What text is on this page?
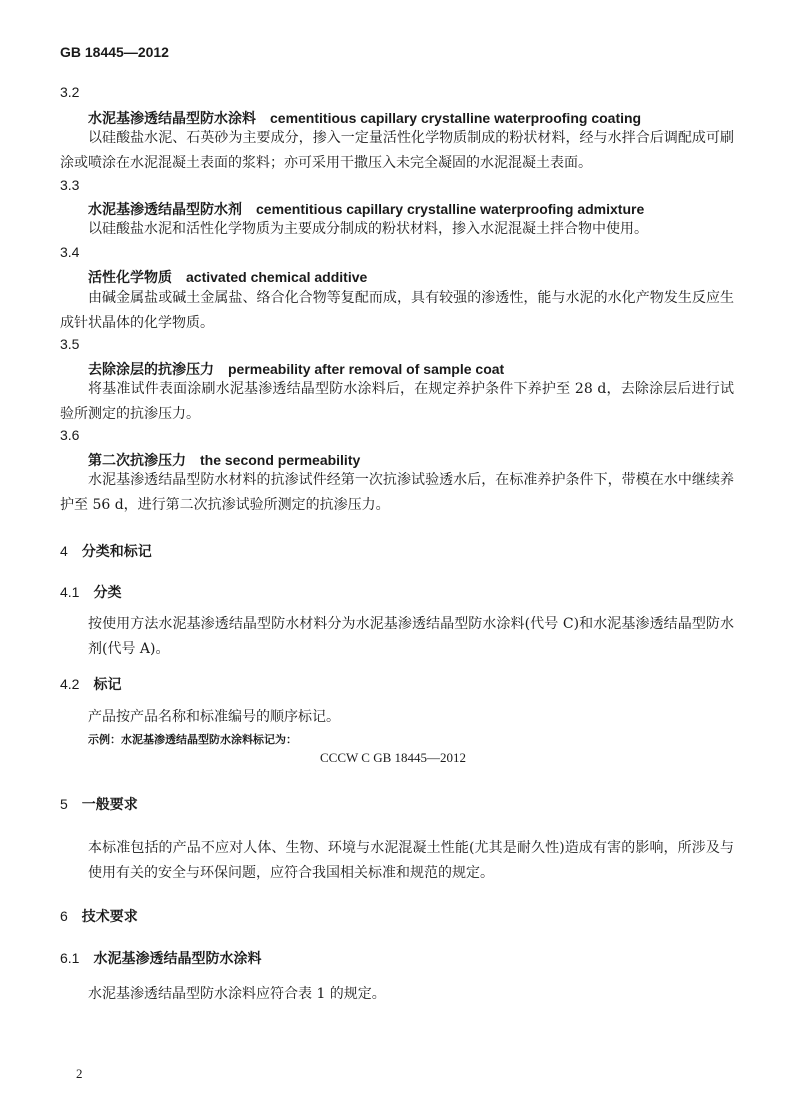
GB 18445—2012
3.2
水泥基渗透结晶型防水涂料 cementitious capillary crystalline waterproofing coating
以硅酸盐水泥、石英砂为主要成分，掺入一定量活性化学物质制成的粉状材料，经与水拌合后调配成可刷涂或喷涂在水泥混凝土表面的浆料；亦可采用干撒压入未完全凝固的水泥混凝土表面。
3.3
水泥基渗透结晶型防水剂 cementitious capillary crystalline waterproofing admixture
以硅酸盐水泥和活性化学物质为主要成分制成的粉状材料，掺入水泥混凝土拌合物中使用。
3.4
活性化学物质 activated chemical additive
由碱金属盐或碱土金属盐、络合化合物等复配而成，具有较强的渗透性，能与水泥的水化产物发生反应生成针状晶体的化学物质。
3.5
去除涂层的抗渗压力 permeability after removal of sample coat
将基准试件表面涂刷水泥基渗透结晶型防水涂料后，在规定养护条件下养护至 28 d，去除涂层后进行试验所测定的抗渗压力。
3.6
第二次抗渗压力 the second permeability
水泥基渗透结晶型防水材料的抗渗试件经第一次抗渗试验透水后，在标准养护条件下，带模在水中继续养护至 56 d，进行第二次抗渗试验所测定的抗渗压力。
4 分类和标记
4.1 分类
按使用方法水泥基渗透结晶型防水材料分为水泥基渗透结晶型防水涂料(代号 C)和水泥基渗透结晶型防水剂(代号 A)。
4.2 标记
产品按产品名称和标准编号的顺序标记。
示例：水泥基渗透结晶型防水涂料标记为：
CCCW C GB 18445—2012
5 一般要求
本标准包括的产品不应对人体、生物、环境与水泥混凝土性能(尤其是耐久性)造成有害的影响，所涉及与使用有关的安全与环保问题，应符合我国相关标准和规范的规定。
6 技术要求
6.1 水泥基渗透结晶型防水涂料
水泥基渗透结晶型防水涂料应符合表 1 的规定。
2
